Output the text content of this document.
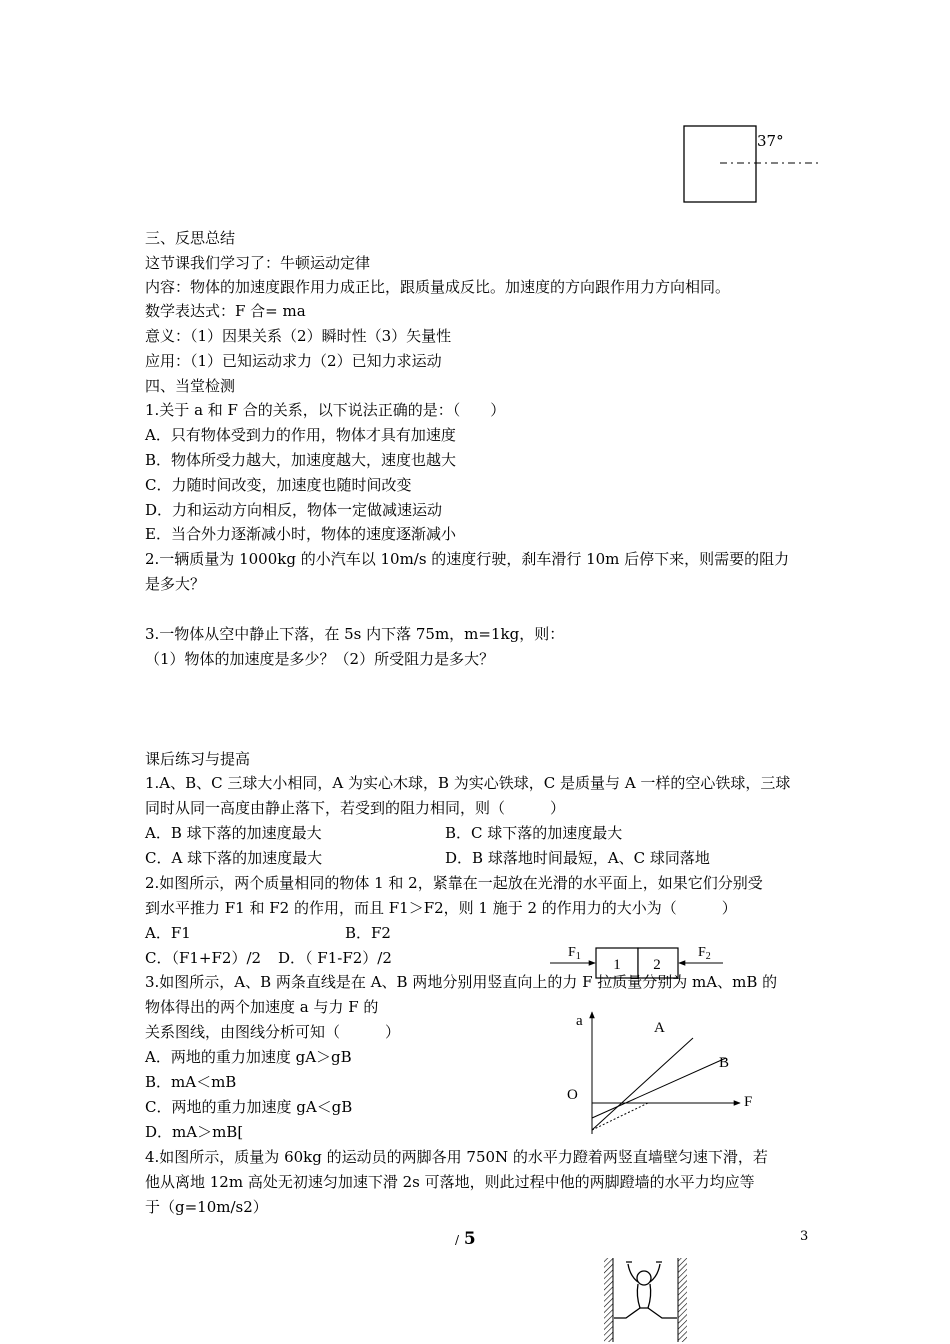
37°
三、反思总结
这节课我们学习了：牛顿运动定律
内容：物体的加速度跟作用力成正比，跟质量成反比。加速度的方向跟作用力方向相同。
数学表达式：F 合= ma
意义：（1）因果关系（2）瞬时性（3）矢量性
应用：（1）已知运动求力（2）已知力求运动
四、当堂检测
1.关于 a 和 F 合的关系，以下说法正确的是：（　　）
A．只有物体受到力的作用，物体才具有加速度
B．物体所受力越大，加速度越大，速度也越大
C．力随时间改变，加速度也随时间改变
D．力和运动方向相反，物体一定做减速运动
E．当合外力逐渐减小时，物体的速度逐渐减小
2.一辆质量为 1000kg 的小汽车以 10m/s 的速度行驶，刹车滑行 10m 后停下来，则需要的阻力
是多大？
3.一物体从空中静止下落，在 5s 内下落 75m，m=1kg，则：
（1）物体的加速度是多少？（2）所受阻力是多大？
课后练习与提高
1.A、B、C 三球大小相同，A 为实心木球，B 为实心铁球，C 是质量与 A 一样的空心铁球，三球
同时从同一高度由静止落下，若受到的阻力相同，则（　　　）
A．B 球下落的加速度最大	B．C 球下落的加速度最大
C．A 球下落的加速度最大	D．B 球落地时间最短，A、C 球同落地
2.如图所示，两个质量相同的物体 1 和 2，紧靠在一起放在光滑的水平面上，如果它们分别受
到水平推力 F1 和 F2 的作用，而且 F1＞F2，则 1 施于 2 的作用力的大小为（　　　）
A．F1	B．F2
C．（F1+F2）/2 D．（ F1-F2）/2	1 2
$F_1$	$F_2$
3.如图所示，A、B 两条直线是在 A、B 两地分别用竖直向上的力 F 拉质量分别为 mA、mB 的
物体得出的两个加速度 a 与力 F 的
关系图线，由图线分析可知（　　　）
A．两地的重力加速度 gA＞gB
B．mA＜mB
C．两地的重力加速度 gA＜gB
D．mA＞mB[
a
F
O
A
B
4.如图所示，质量为 60kg 的运动员的两脚各用 750N 的水平力蹬着两竖直墙壁匀速下滑，若
他从离地 12m 高处无初速匀加速下滑 2s 可落地，则此过程中他的两脚蹬墙的水平力均应等
于（g=10m/s2）
/ 5	3
